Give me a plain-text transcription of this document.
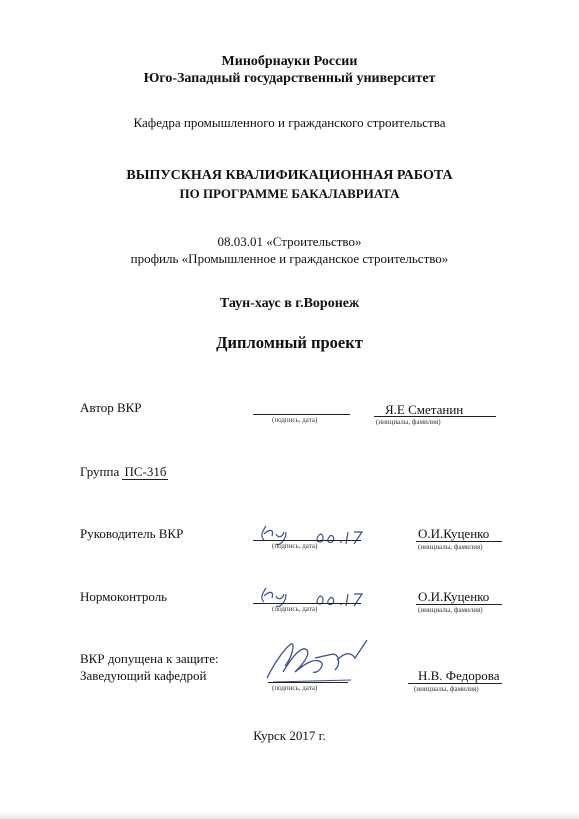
Минобрнауки России
Юго-Западный государственный университет
Кафедра промышленного и гражданского строительства
ВЫПУСКНАЯ КВАЛИФИКАЦИОННАЯ РАБОТА
ПО ПРОГРАММЕ БАКАЛАВРИАТА
08.03.01 «Строительство»
профиль «Промышленное и гражданское строительство»
Таун-хаус в г.Воронеж
Дипломный проект
Автор ВКР
(подпись, дата)
Я.Е Сметанин
(инициалы, фамилия)
Группа ПС-31б
Руководитель ВКР
(подпись, дата)
О.И.Куценко
(инициалы, фамилия)
Нормоконтроль
(подпись, дата)
О.И.Куценко
(инициалы, фамилия)
ВКР допущена к защите:
Заведующий кафедрой
(подпись, дата)
Н.В. Федорова
(инициалы, фамилия)
Курск 2017 г.
